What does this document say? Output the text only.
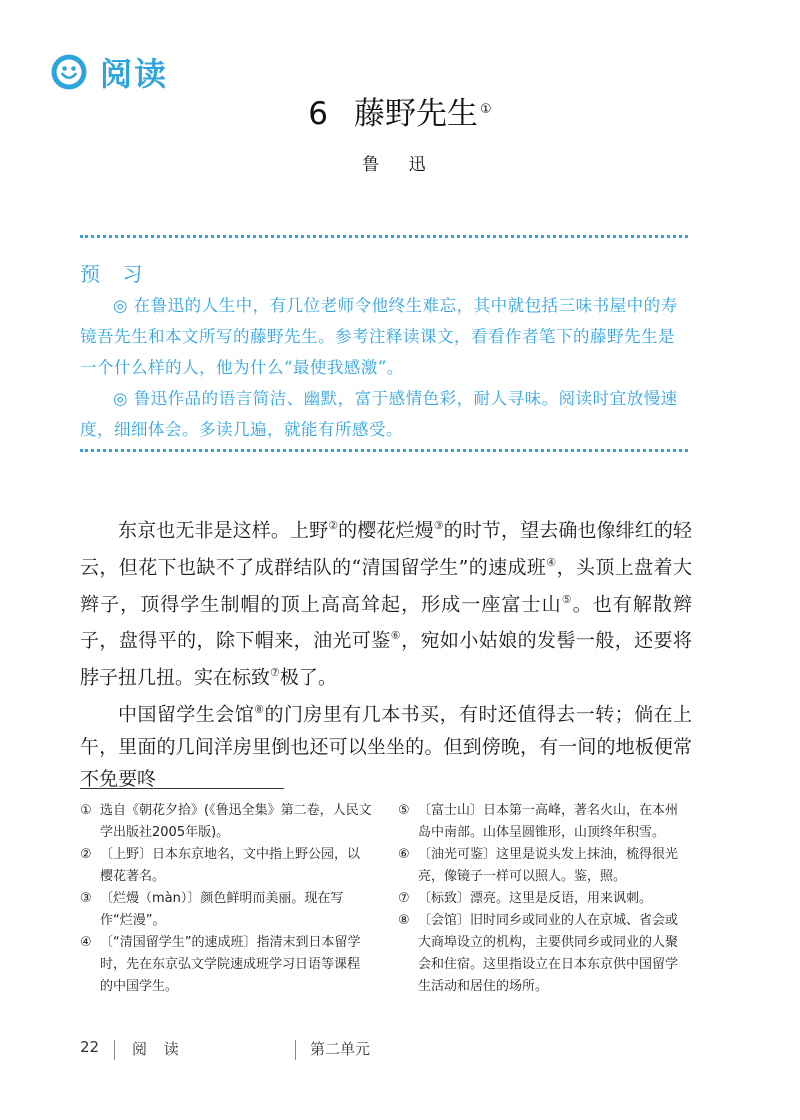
阅读
6 藤野先生 ①
鲁 迅
预 习

◎ 在鲁迅的人生中，有几位老师令他终生难忘，其中就包括三味书屋中的寿镜吾先生和本文所写的藤野先生。参考注释读课文，看看作者笔下的藤野先生是一个什么样的人，他为什么“最使我感激”。

◎ 鲁迅作品的语言简洁、幽默，富于感情色彩，耐人寻味。阅读时宜放慢速度，细细体会。多读几遍，就能有所感受。

东京也无非是这样。上野②的樱花烂熳③的时节，望去确也像绯红的轻云，但花下也缺不了成群结队的“清国留学生”的速成班④，头顶上盘着大辫子，顶得学生制帽的顶上高高耸起，形成一座富士山⑤。也有解散辫子，盘得平的，除下帽来，油光可鉴⑥，宛如小姑娘的发髻一般，还要将脖子扭几扭。实在标致⑦极了。

中国留学生会馆⑧的门房里有几本书买，有时还值得去一转；倘在上午，里面的几间洋房里倒也还可以坐坐的。但到傍晚，有一间的地板便常不免要咚

① 选自《朝花夕拾》(《鲁迅全集》第二卷，人民文学出版社2005年版)。
② 〔上野〕日本东京地名，文中指上野公园，以樱花著名。
③ 〔烂熳（màn）〕颜色鲜明而美丽。现在写作“烂漫”。
④ 〔“清国留学生”的速成班〕指清末到日本留学时，先在东京弘文学院速成班学习日语等课程的中国学生。
⑤ 〔富士山〕日本第一高峰，著名火山，在本州岛中南部。山体呈圆锥形，山顶终年积雪。
⑥ 〔油光可鉴〕这里是说头发上抹油，梳得很光亮，像镜子一样可以照人。鉴，照。
⑦ 〔标致〕漂亮。这里是反语，用来讽刺。
⑧ 〔会馆〕旧时同乡或同业的人在京城、省会或大商埠设立的机构，主要供同乡或同业的人聚会和住宿。这里指设立在日本东京供中国留学生活动和居住的场所。
22 阅 读	第二单元
